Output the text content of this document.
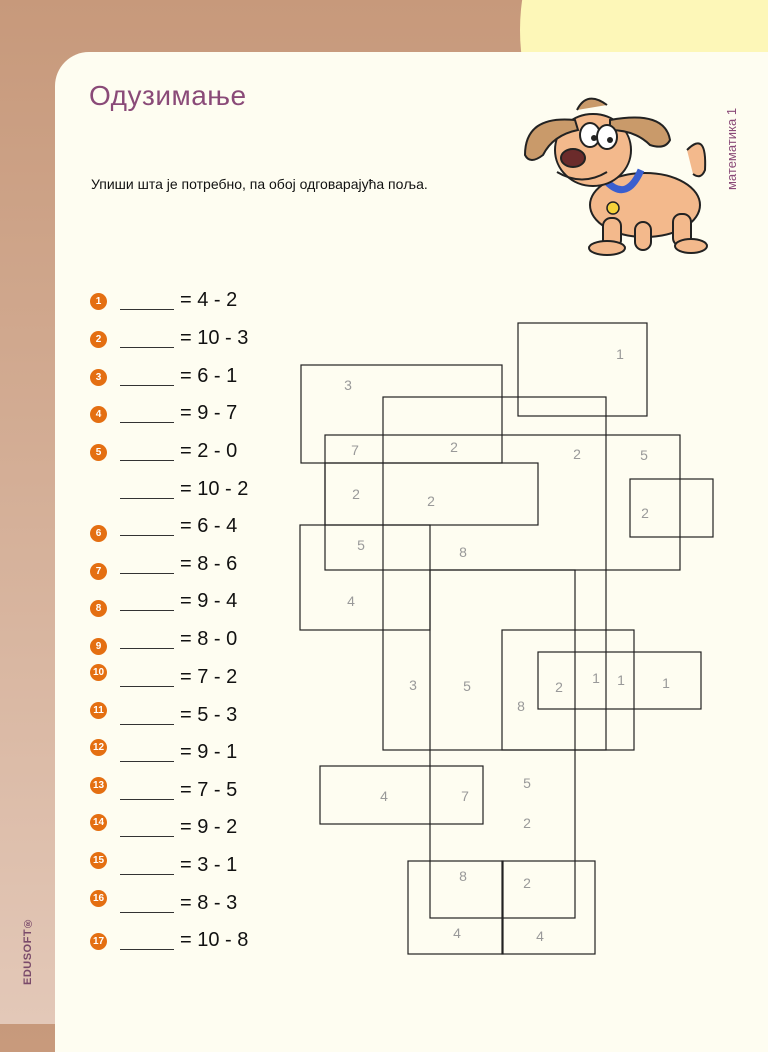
Одузимање
Упиши шта је потребно, па обој одговарајућа поља.	математика 1
EDUSOFT®
1	= 4 - 2
2	= 10 - 3
3	= 6 - 1
4	= 9 - 7
5	= 2 - 0
= 10 - 2
6	= 6 - 4
7	= 8 - 6
8	= 9 - 4
9	= 8 - 0
10	= 7 - 2
11	= 5 - 3
12	= 9 - 1
13	= 7 - 5
14	= 9 - 2
15	= 3 - 1
16	= 8 - 3
17	= 10 - 8
1
3
7	2	2	5
2	2
2
5	8
4
3	5
8
2
1 1	1
4	7
5
2
8	2
4	4
